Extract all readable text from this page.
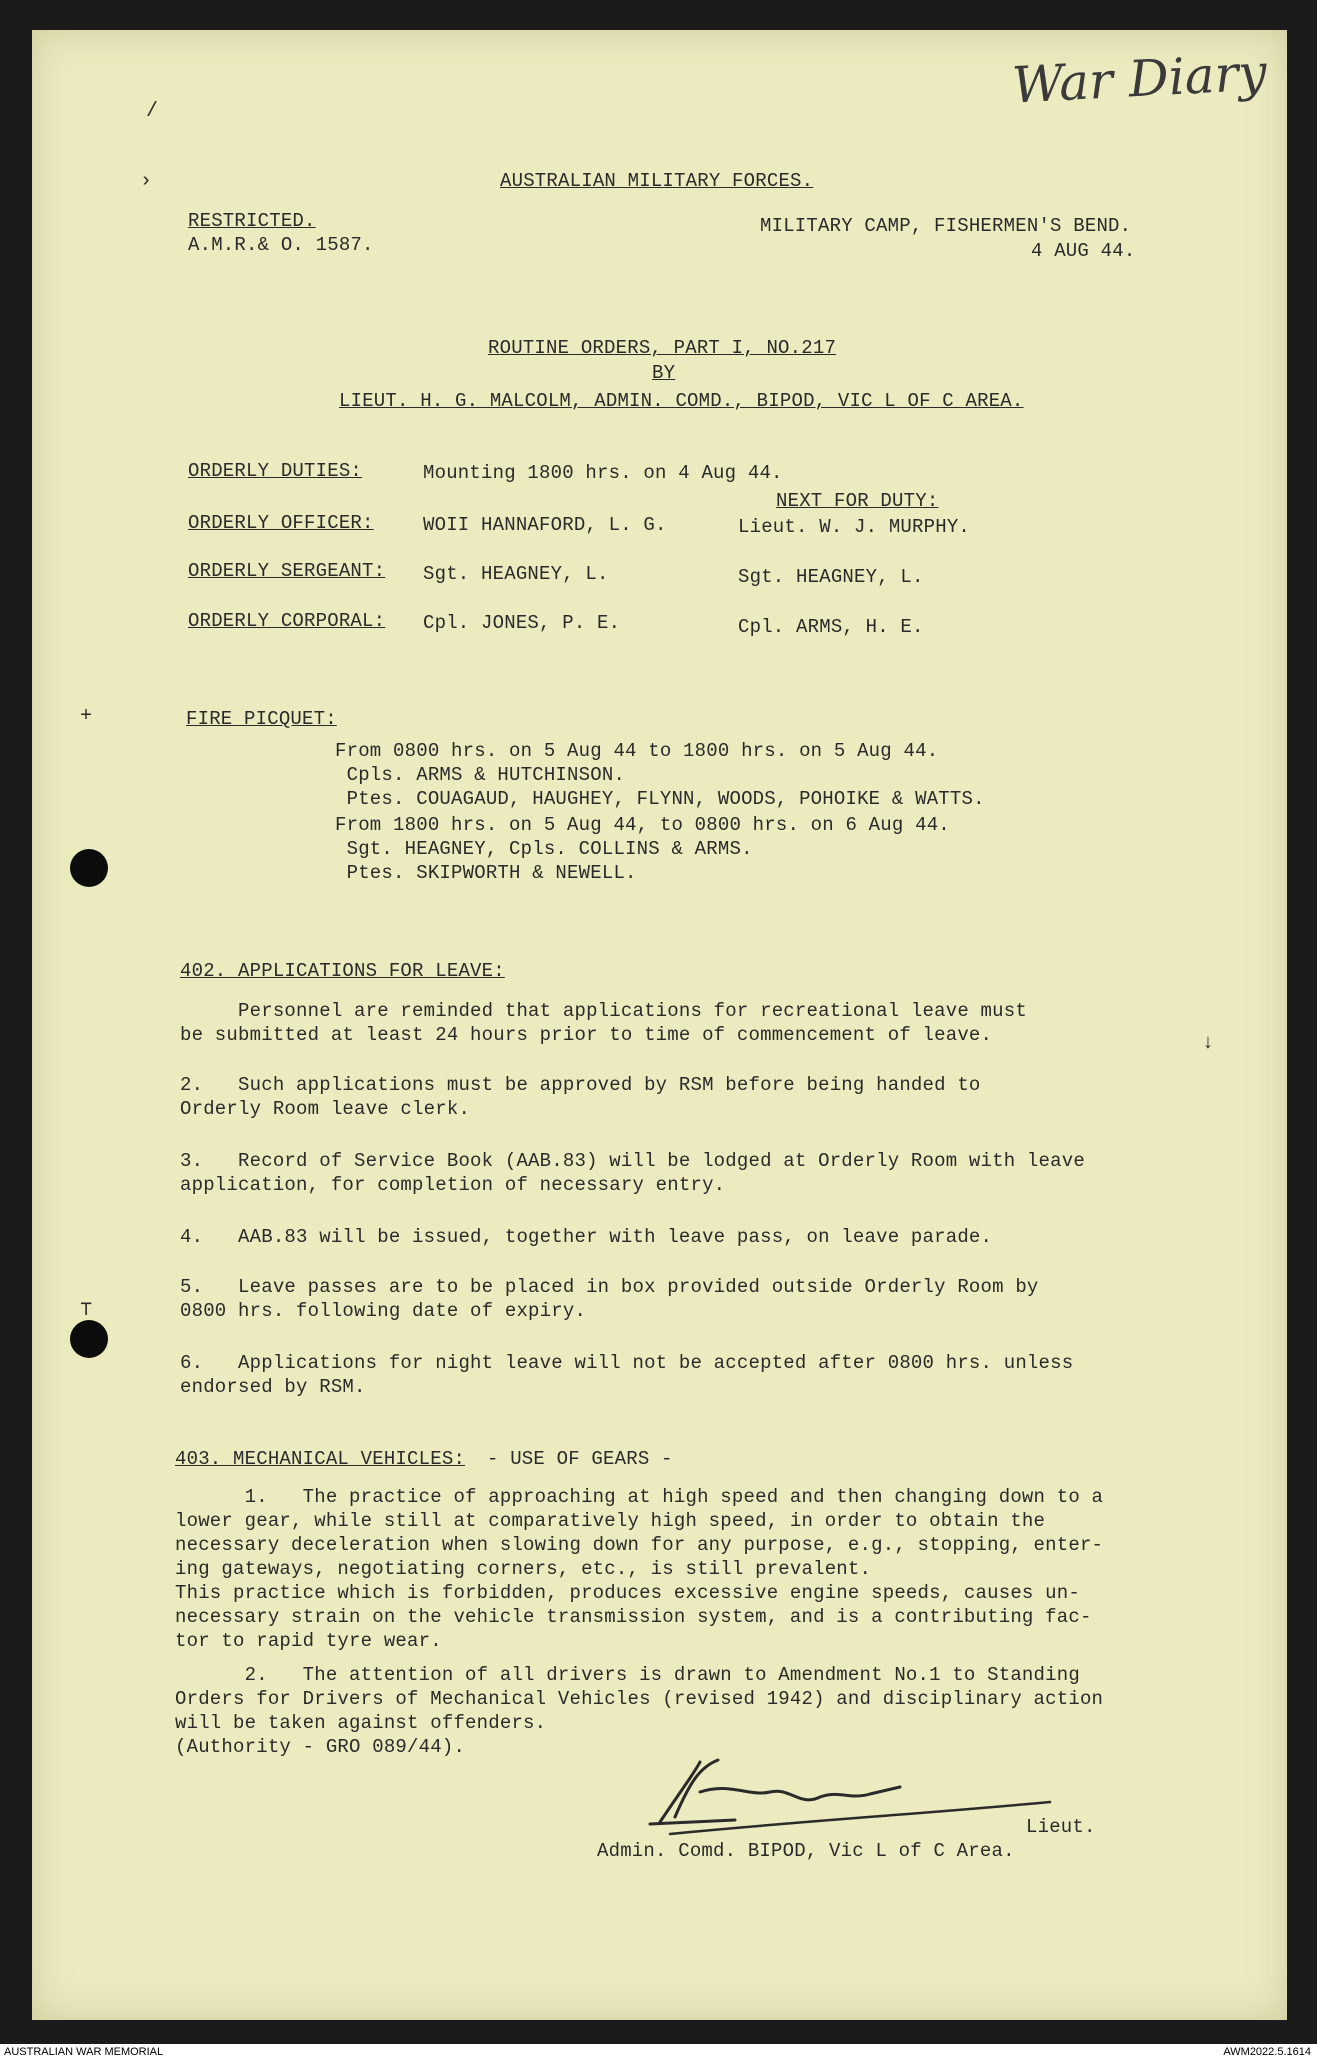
/
›
+
↓
⊤
War Diary
AUSTRALIAN MILITARY FORCES.
RESTRICTED.
A.M.R.& O. 1587.
MILITARY CAMP, FISHERMEN'S BEND.
4 AUG 44.
ROUTINE ORDERS, PART I, NO.217
BY
LIEUT. H. G. MALCOLM, ADMIN. COMD., BIPOD, VIC L OF C AREA.
ORDERLY DUTIES:	Mounting 1800 hrs. on 4 Aug 44.
NEXT FOR DUTY:
ORDERLY OFFICER:	WOII HANNAFORD, L. G.	Lieut. W. J. MURPHY.
ORDERLY SERGEANT: Sgt. HEAGNEY, L.	Sgt. HEAGNEY, L.
ORDERLY CORPORAL: Cpl. JONES, P. E.	Cpl. ARMS, H. E.
FIRE PICQUET:
From 0800 hrs. on 5 Aug 44 to 1800 hrs. on 5 Aug 44.
Cpls. ARMS & HUTCHINSON.
Ptes. COUAGAUD, HAUGHEY, FLYNN, WOODS, POHOIKE & WATTS.
From 1800 hrs. on 5 Aug 44, to 0800 hrs. on 6 Aug 44.
Sgt. HEAGNEY, Cpls. COLLINS & ARMS.
Ptes. SKIPWORTH & NEWELL.
402. APPLICATIONS FOR LEAVE:
Personnel are reminded that applications for recreational leave must
be submitted at least 24 hours prior to time of commencement of leave.
2.   Such applications must be approved by RSM before being handed to
Orderly Room leave clerk.
3.   Record of Service Book (AAB.83) will be lodged at Orderly Room with leave
application, for completion of necessary entry.
4.   AAB.83 will be issued, together with leave pass, on leave parade.
5.   Leave passes are to be placed in box provided outside Orderly Room by
0800 hrs. following date of expiry.
6.   Applications for night leave will not be accepted after 0800 hrs. unless
endorsed by RSM.
403. MECHANICAL VEHICLES: - USE OF GEARS -
1.   The practice of approaching at high speed and then changing down to a
lower gear, while still at comparatively high speed, in order to obtain the
necessary deceleration when slowing down for any purpose, e.g., stopping, enter-
ing gateways, negotiating corners, etc., is still prevalent.
This practice which is forbidden, produces excessive engine speeds, causes un-
necessary strain on the vehicle transmission system, and is a contributing fac-
tor to rapid tyre wear.
2.   The attention of all drivers is drawn to Amendment No.1 to Standing
Orders for Drivers of Mechanical Vehicles (revised 1942) and disciplinary action
will be taken against offenders.
(Authority - GRO 089/44).
Lieut.
Admin. Comd. BIPOD, Vic L of C Area.
AUSTRALIAN WAR MEMORIAL	AWM2022.5.1614
